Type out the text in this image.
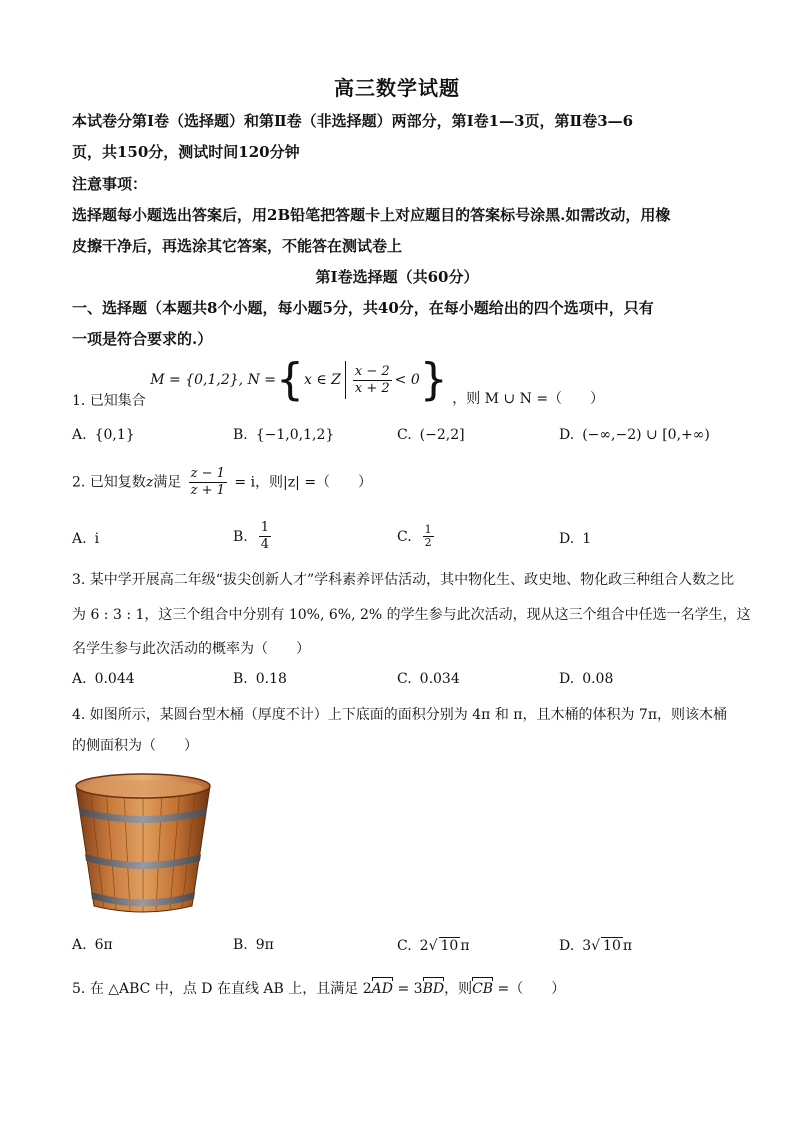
高三数学试题
本试卷分第Ⅰ卷（选择题）和第Ⅱ卷（非选择题）两部分，第Ⅰ卷1—3页，第Ⅱ卷3—6
页，共150分，测试时间120分钟
注意事项：
选择题每小题选出答案后，用2B铅笔把答题卡上对应题目的答案标号涂黑.如需改动，用橡
皮擦干净后，再选涂其它答案，不能答在测试卷上
第Ⅰ卷选择题（共60分）
一、选择题（本题共8个小题，每小题5分，共40分，在每小题给出的四个选项中，只有
一项是符合要求的.）
1. 已知集合
M = {0,1,2}, N = { x ∈ Z $\frac{x - 2}{x + 2} < 0$ } ，则 M ∪ N =（　　）
A. {0,1}	B. {−1,0,1,2}	C. (−2,2]	D. (−∞,−2) ∪ [0,+∞)
2. 已知复数z满足 $\frac{z - 1}{z + 1} = i$，则|z| =（　　）
A. i	B. $\frac{1}{4}$	C. $\frac{1}{2}$	D. 1
3. 某中学开展高二年级“拔尖创新人才”学科素养评估活动，其中物化生、政史地、物化政三种组合人数之比
为 6 : 3 : 1，这三个组合中分别有 10%, 6%, 2% 的学生参与此次活动，现从这三个组合中任选一名学生，这
名学生参与此次活动的概率为（　　）
A. 0.044	B. 0.18	C. 0.034	D. 0.08
4. 如图所示，某圆台型木桶（厚度不计）上下底面的面积分别为 4π 和 π，且木桶的体积为 7π，则该木桶
的侧面积为（　　）
A. 6π	B. 9π	C. 2√ 10 π	D. 3√ 10 π
5. 在 △ABC 中，点 D 在直线 AB 上，且满足 2AD = 3BD，则CB =（　　）
